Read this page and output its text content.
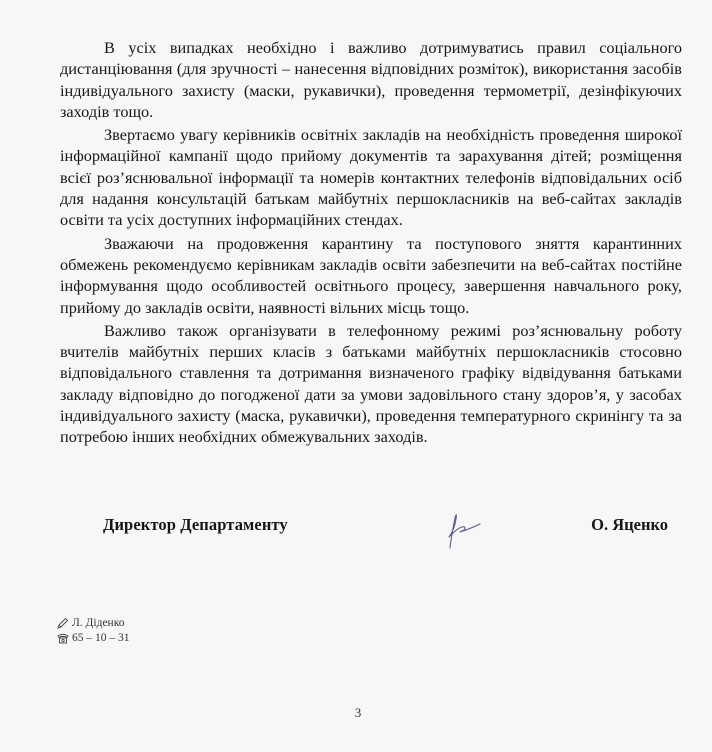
В усіх випадках необхідно і важливо дотримуватись правил соціального дистанціювання (для зручності – нанесення відповідних розміток), використання засобів індивідуального захисту (маски, рукавички), проведення термометрії, дезінфікуючих заходів тощо.

Звертаємо увагу керівників освітніх закладів на необхідність проведення широкої інформаційної кампанії щодо прийому документів та зарахування дітей; розміщення всієї роз’яснювальної інформації та номерів контактних телефонів відповідальних осіб для надання консультацій батькам майбутніх першокласників на веб-сайтах закладів освіти та усіх доступних інформаційних стендах.

Зважаючи на продовження карантину та поступового зняття карантинних обмежень рекомендуємо керівникам закладів освіти забезпечити на веб-сайтах постійне інформування щодо особливостей освітнього процесу, завершення навчального року, прийому до закладів освіти, наявності вільних місць тощо.

Важливо також організувати в телефонному режимі роз’яснювальну роботу вчителів майбутніх перших класів з батьками майбутніх першокласників стосовно відповідального ставлення та дотримання визначеного графіку відвідування батьками закладу відповідно до погодженої дати за умови задовільного стану здоров’я, у засобах індивідуального захисту (маска, рукавички), проведення температурного скринінгу та за потребою інших необхідних обмежувальних заходів.

Директор Департаменту	О. Яценко
Л. Діденко
65 – 10 – 31
3
